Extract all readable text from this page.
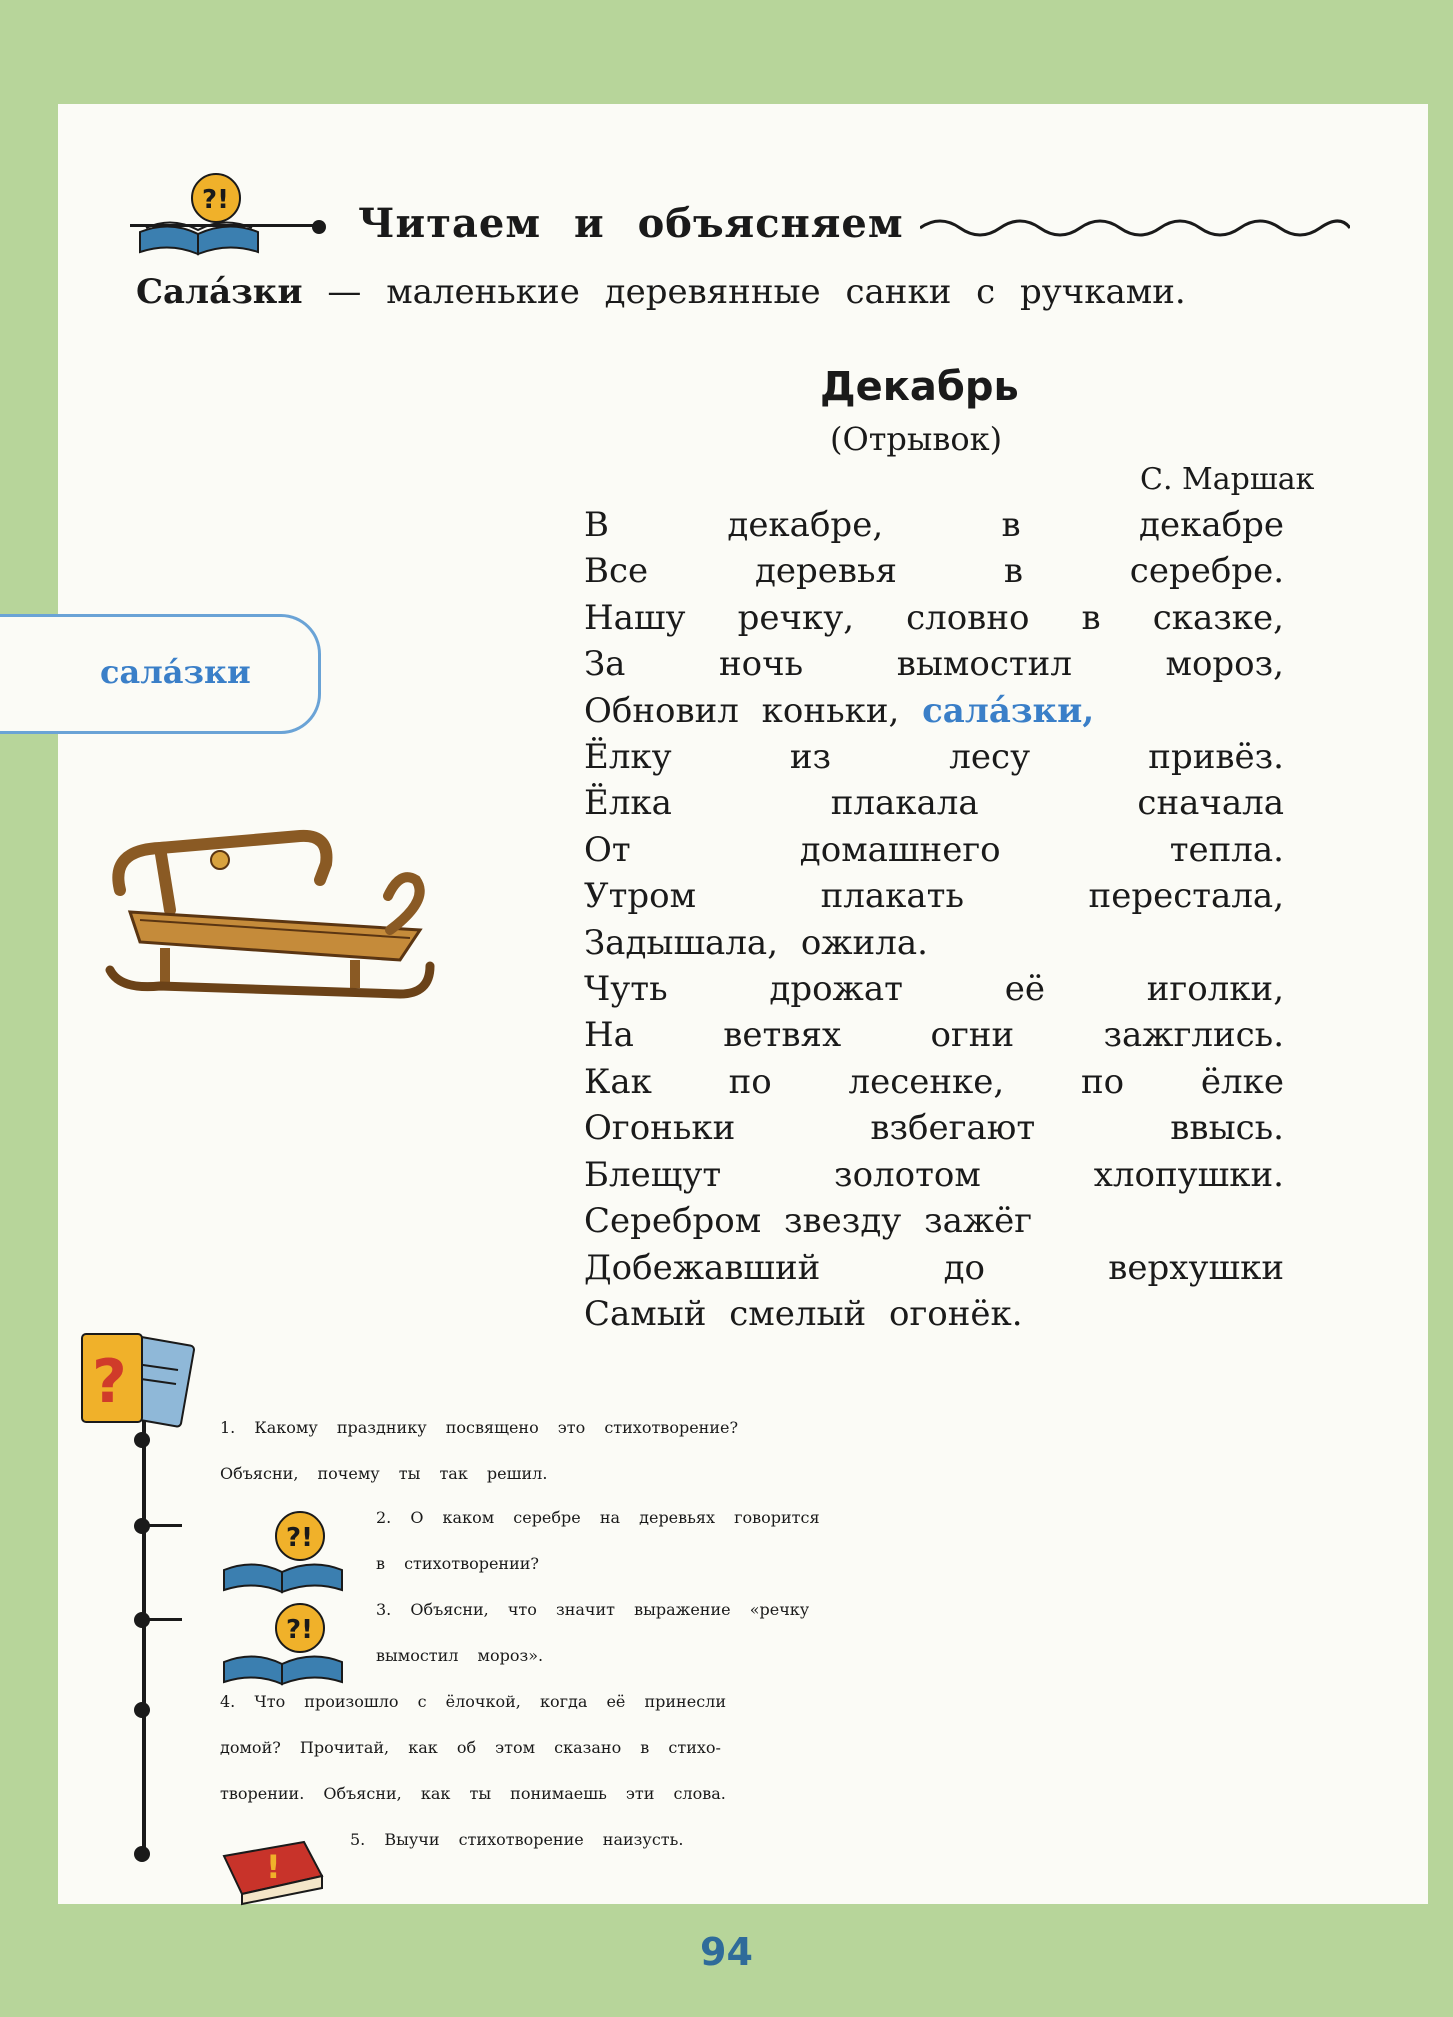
?!	Читаем и объясняем
Сала́зки — маленькие деревянные санки с ручками.
Декабрь
(Отрывок)
С. Маршак
В декабре, в декабре
Все деревья в серебре.
Нашу речку, словно в сказке,
За ночь вымостил мороз,
Обновил коньки, сала́зки,
Ёлку из лесу привёз.
Ёлка плакала сначала
От домашнего тепла.
Утром плакать перестала,
Задышала, ожила.
Чуть дрожат её иголки,
На ветвях огни зажглись.
Как по лесенке, по ёлке
Огоньки взбегают ввысь.
Блещут золотом хлопушки.
Серебром звезду зажёг
Добежавший до верхушки
Самый смелый огонёк.
сала́зки
?
?!
?!
!
1. Какому празднику посвящено это стихотворение?
Объясни, почему ты так решил.
2. О каком серебре на деревьях говорится
в стихотворении?
3. Объясни, что значит выражение «речку
вымостил мороз».
4. Что произошло с ёлочкой, когда её принесли
домой? Прочитай, как об этом сказано в стихо-
творении. Объясни, как ты понимаешь эти слова.
5. Выучи стихотворение наизусть.
94
